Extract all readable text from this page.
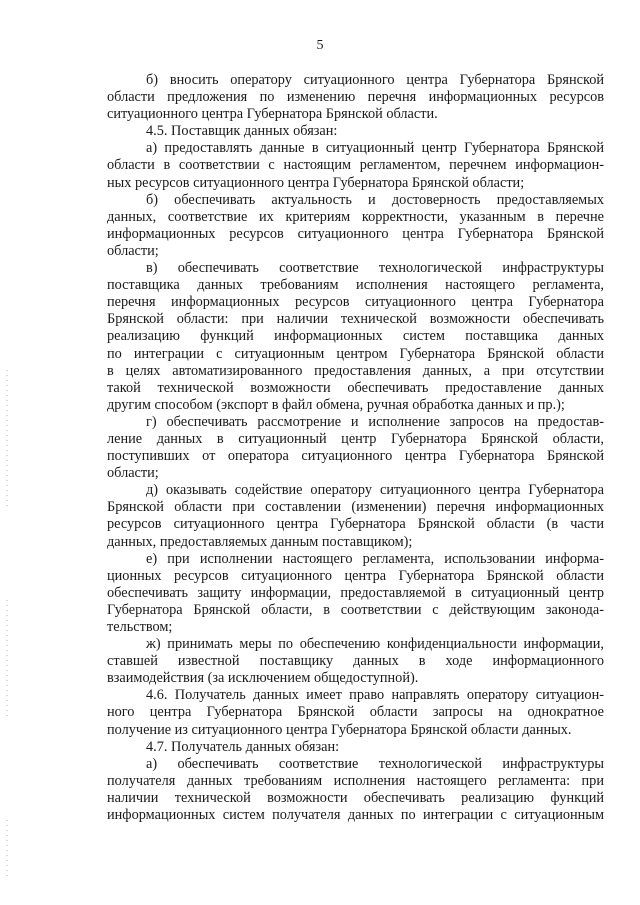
5
б) вносить оператору ситуационного центра Губернатора Брянской
области предложения по изменению перечня информационных ресурсов
ситуационного центра Губернатора Брянской области.
4.5. Поставщик данных обязан:
а) предоставлять данные в ситуационный центр Губернатора Брянской
области в соответствии с настоящим регламентом, перечнем информацион-
ных ресурсов ситуационного центра Губернатора Брянской области;
б) обеспечивать актуальность и достоверность предоставляемых
данных, соответствие их критериям корректности, указанным в перечне
информационных ресурсов ситуационного центра Губернатора Брянской
области;
в) обеспечивать соответствие технологической инфраструктуры
поставщика данных требованиям исполнения настоящего регламента,
перечня информационных ресурсов ситуационного центра Губернатора
Брянской области: при наличии технической возможности обеспечивать
реализацию функций информационных систем поставщика данных
по интеграции с ситуационным центром Губернатора Брянской области
в целях автоматизированного предоставления данных, а при отсутствии
такой технической возможности обеспечивать предоставление данных
другим способом (экспорт в файл обмена, ручная обработка данных и пр.);
г) обеспечивать рассмотрение и исполнение запросов на предостав-
ление данных в ситуационный центр Губернатора Брянской области,
поступивших от оператора ситуационного центра Губернатора Брянской
области;
д) оказывать содействие оператору ситуационного центра Губернатора
Брянской области при составлении (изменении) перечня информационных
ресурсов ситуационного центра Губернатора Брянской области (в части
данных, предоставляемых данным поставщиком);
е) при исполнении настоящего регламента, использовании информа-
ционных ресурсов ситуационного центра Губернатора Брянской области
обеспечивать защиту информации, предоставляемой в ситуационный центр
Губернатора Брянской области, в соответствии с действующим законода-
тельством;
ж) принимать меры по обеспечению конфиденциальности информации,
ставшей известной поставщику данных в ходе информационного
взаимодействия (за исключением общедоступной).
4.6. Получатель данных имеет право направлять оператору ситуацион-
ного центра Губернатора Брянской области запросы на однократное
получение из ситуационного центра Губернатора Брянской области данных.
4.7. Получатель данных обязан:
а) обеспечивать соответствие технологической инфраструктуры
получателя данных требованиям исполнения настоящего регламента: при
наличии технической возможности обеспечивать реализацию функций
информационных систем получателя данных по интеграции с ситуационным
